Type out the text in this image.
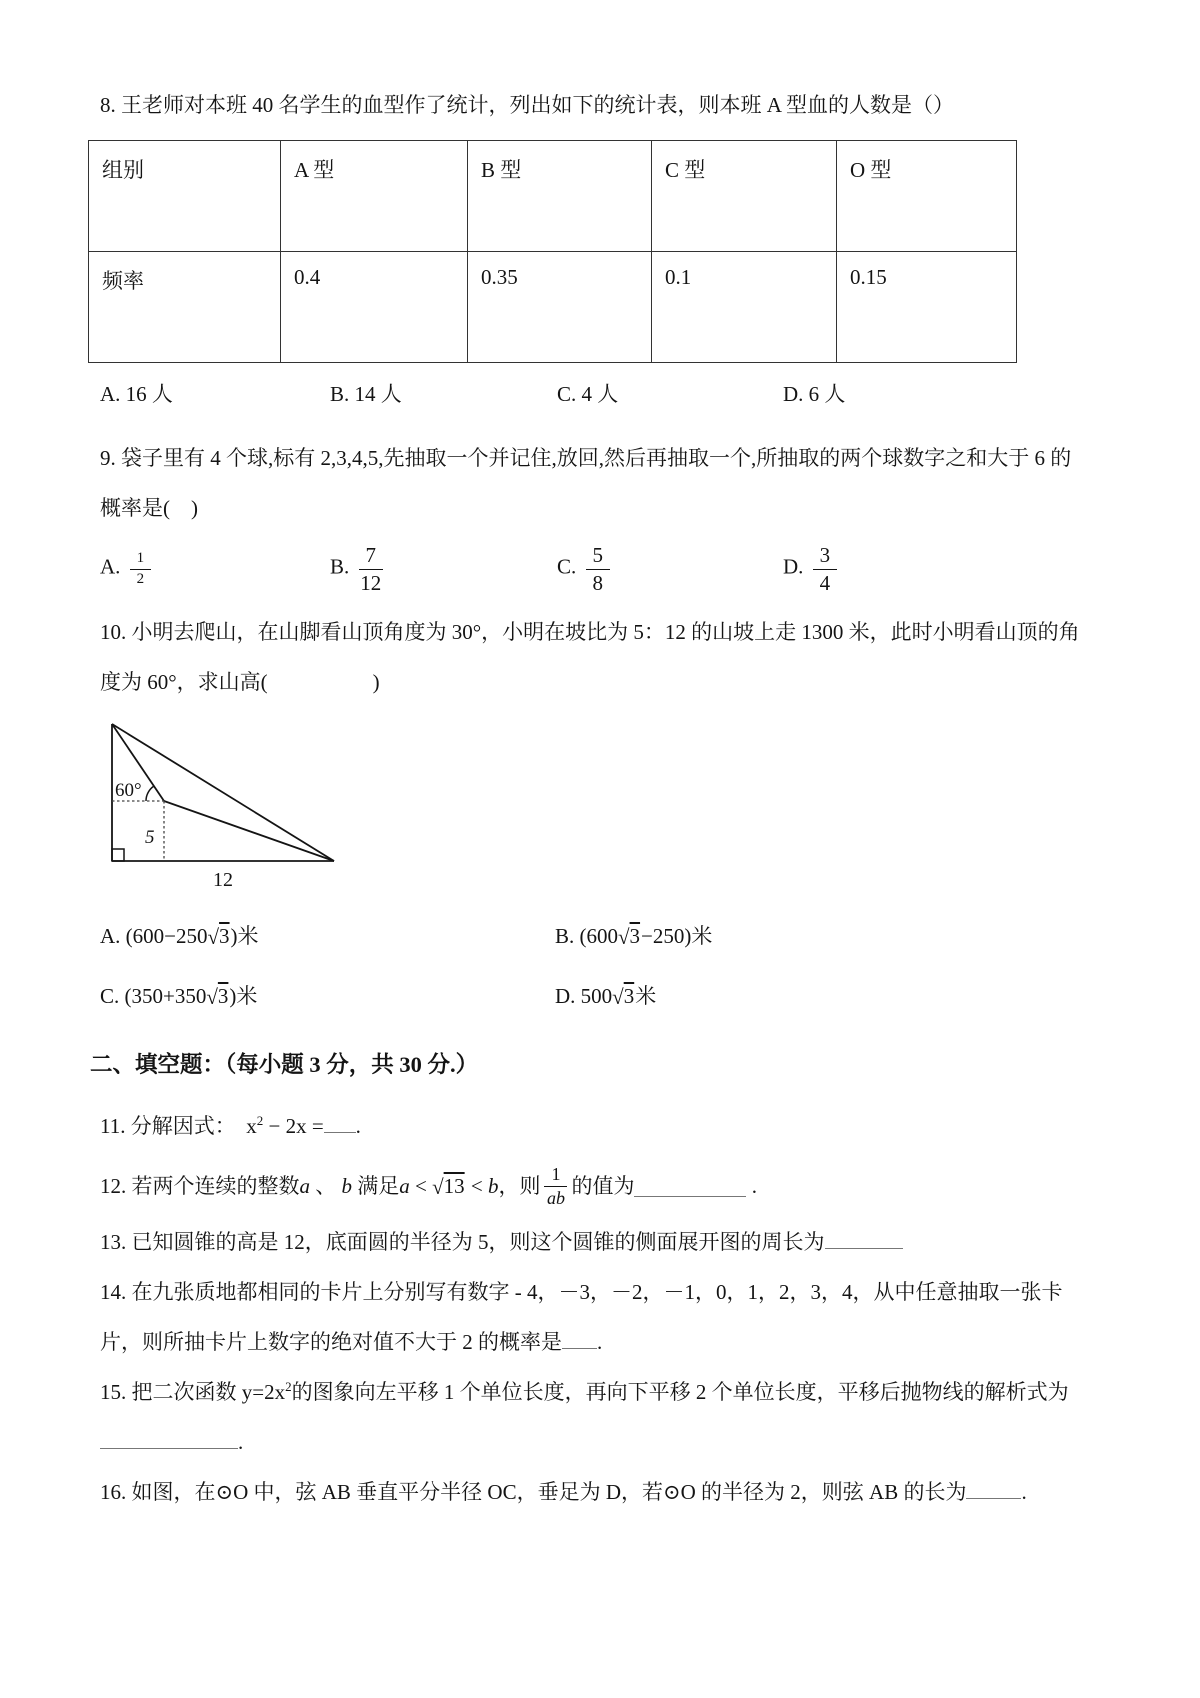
8. 王老师对本班 40 名学生的血型作了统计，列出如下的统计表，则本班 A 型血的人数是（）
组别	A 型	B 型	C 型	O 型
频率	0.4	0.35	0.1	0.15
A. 16 人	B. 14 人	C. 4 人	D. 6 人
9. 袋子里有 4 个球,标有 2,3,4,5,先抽取一个并记住,放回,然后再抽取一个,所抽取的两个球数字之和大于 6 的
概率是(　)
A. $\frac{1}{2}$	B. $\frac{7}{12}$	C. $\frac{5}{8}$	D. $\frac{3}{4}$
10. 小明去爬山，在山脚看山顶角度为 30°，小明在坡比为 5：12 的山坡上走 1300 米，此时小明看山顶的角
度为 60°，求山高(　　　　　)
60°
5
12
A. (600−250√3)米	B. (600√3−250)米
C. (350+350√3)米	D. 500√3米
二、填空题：（每小题 3 分，共 30 分.）
11. 分解因式： $x^2 - 2x$ = .
12. 若两个连续的整数 a
、
b
满足 a
<
√13
<
b ，则 $\frac{1}{ab}$ 的值为
	.
13. 已知圆锥的高是 12，底面圆的半径为 5，则这个圆锥的侧面展开图的周长为
14. 在九张质地都相同的卡片上分别写有数字 - 4，－3，－2，－1，0，1，2，3，4，从中任意抽取一张卡
片，则所抽卡片上数字的绝对值不大于 2 的概率是 .
15. 把二次函数 $y=2x^2$的图象向左平移 1 个单位长度，再向下平移 2 个单位长度，平移后抛物线的解析式为
.
16. 如图，在⊙O 中，弦 AB 垂直平分半径 OC，垂足为 D，若⊙O 的半径为 2，则弦 AB 的长为	.
